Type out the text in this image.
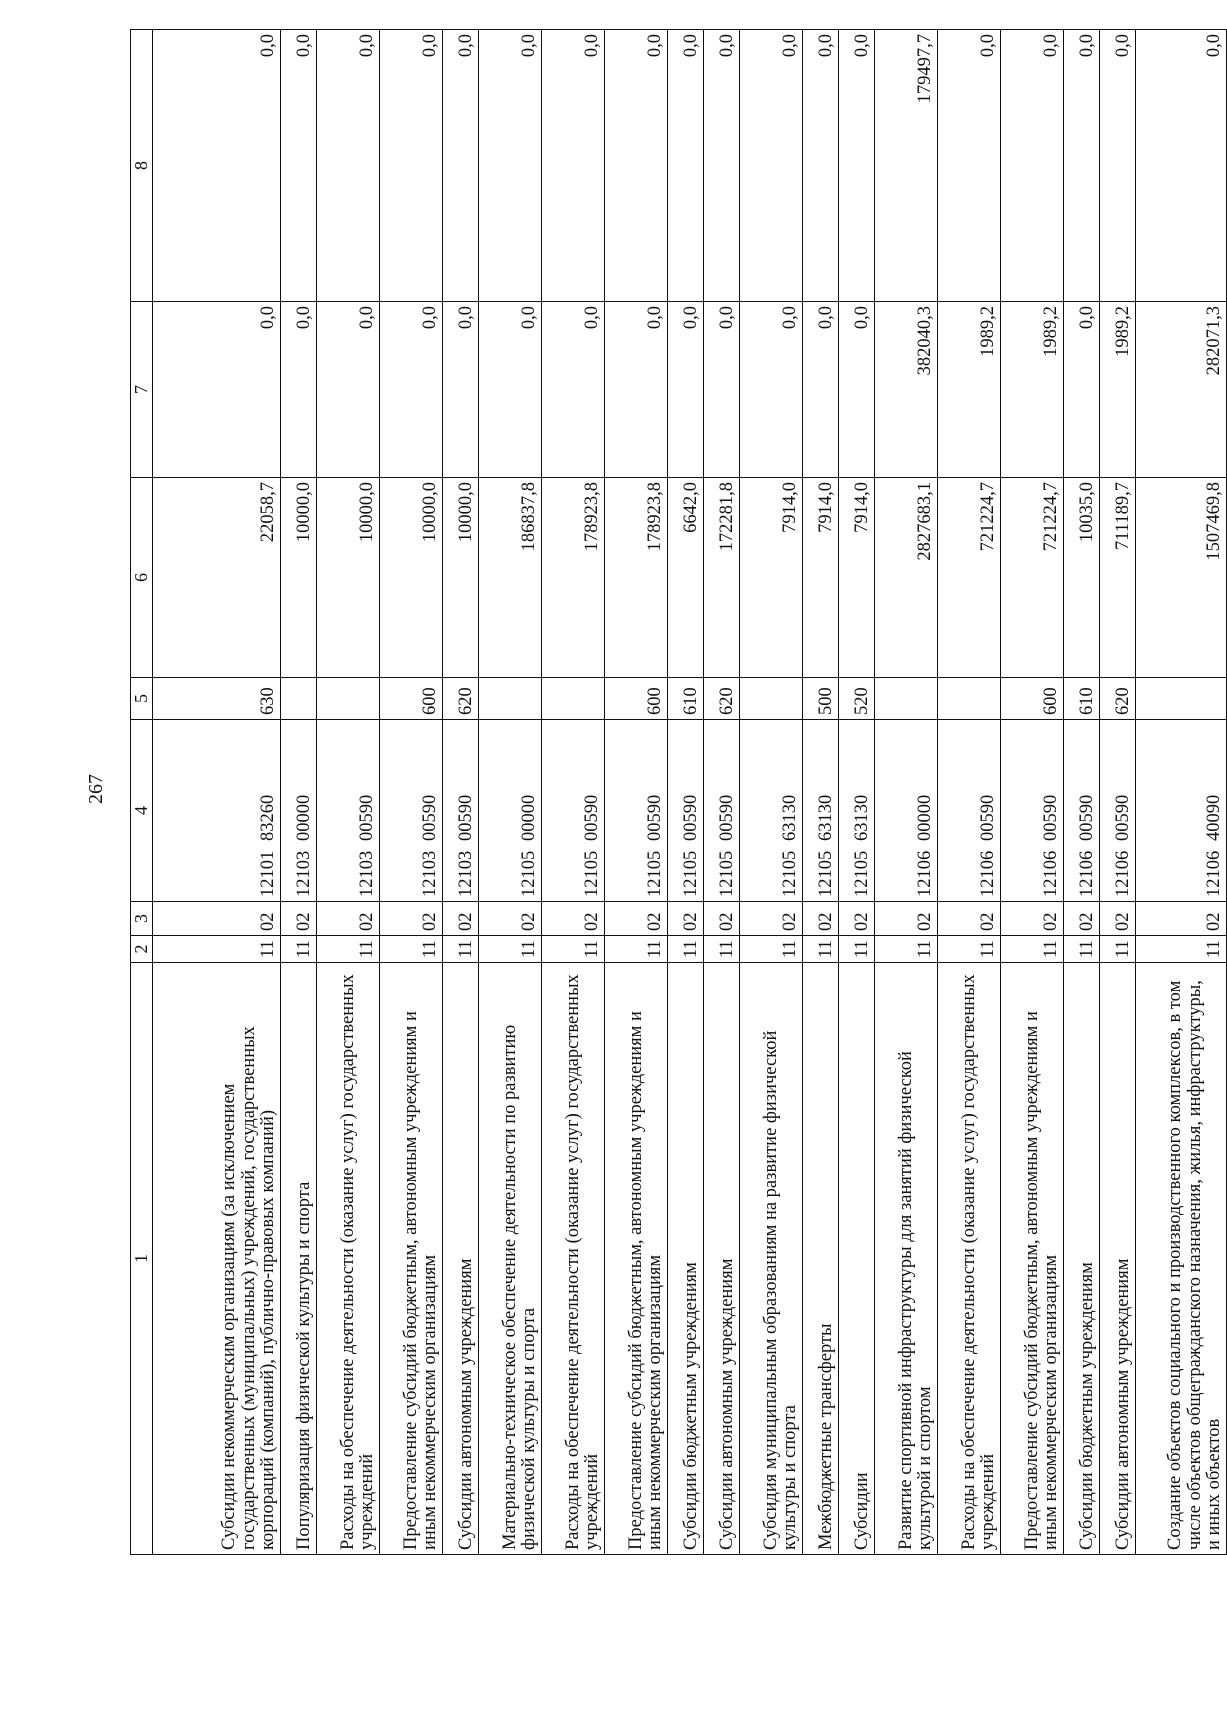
267
1	2	3	4	5	6	7	8
Субсидии некоммерческим организациям (за исключением государственных (муниципальных) учреждений, государственных корпораций (компаний), публично-правовых компаний)	11	02	1210183260	630	22058,7	0,0	0,0
Популяризация физической культуры и спорта	11	02	1210300000		10000,0	0,0	0,0
Расходы на обеспечение деятельности (оказание услуг) государственных учреждений	11	02	1210300590		10000,0	0,0	0,0
Предоставление субсидий бюджетным, автономным учреждениям и иным некоммерческим организациям	11	02	1210300590	600	10000,0	0,0	0,0
Субсидии автономным учреждениям	11	02	1210300590	620	10000,0	0,0	0,0
Материально-техническое обеспечение деятельности по развитию физической культуры и спорта	11	02	1210500000		186837,8	0,0	0,0
Расходы на обеспечение деятельности (оказание услуг) государственных учреждений	11	02	1210500590		178923,8	0,0	0,0
Предоставление субсидий бюджетным, автономным учреждениям и иным некоммерческим организациям	11	02	1210500590	600	178923,8	0,0	0,0
Субсидии бюджетным учреждениям	11	02	1210500590	610	6642,0	0,0	0,0
Субсидии автономным учреждениям	11	02	1210500590	620	172281,8	0,0	0,0
Субсидия муниципальным образованиям на развитие физической культуры и спорта	11	02	1210563130		7914,0	0,0	0,0
Межбюджетные трансферты	11	02	1210563130	500	7914,0	0,0	0,0
Субсидии	11	02	1210563130	520	7914,0	0,0	0,0
Развитие спортивной инфраструктуры для занятий физической культурой и спортом	11	02	1210600000		2827683,1	382040,3	179497,7
Расходы на обеспечение деятельности (оказание услуг) государственных учреждений	11	02	1210600590		721224,7	1989,2	0,0
Предоставление субсидий бюджетным, автономным учреждениям и иным некоммерческим организациям	11	02	1210600590	600	721224,7	1989,2	0,0
Субсидии бюджетным учреждениям	11	02	1210600590	610	10035,0	0,0	0,0
Субсидии автономным учреждениям	11	02	1210600590	620	711189,7	1989,2	0,0
Создание объектов социального и производственного комплексов, в том числе объектов общегражданского назначения, жилья, инфраструктуры, и иных объектов	11	02	1210640090		1507469,8	282071,3	0,0
